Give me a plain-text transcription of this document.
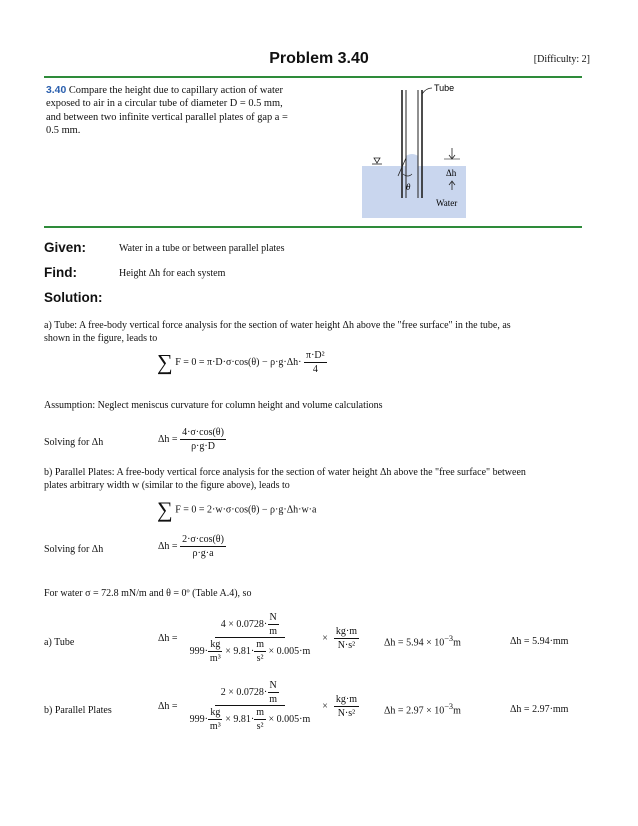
Problem 3.40	[Difficulty: 2]
3.40 Compare the height due to capillary action of water exposed to air in a circular tube of diameter D = 0.5 mm, and between two infinite vertical parallel plates of gap a = 0.5 mm.
Tube
Δh
θ
Water
Given:	Water in a tube or between parallel plates
Find:	Height Δh for each system
Solution:
a) Tube: A free-body vertical force analysis for the section of water height Δh above the "free surface" in the tube, as
shown in the figure, leads to
∑ $F = 0 = \pi\cdot D\cdot\sigma\cdot\cos(\theta) - \rho\cdot g\cdot\Delta h\cdot \frac{\text{π·D²}}{4}$
Assumption: Neglect meniscus curvature for column height and volume calculations
Solving for Δh	$\Delta h = \frac{4\cdot\sigma\cdot\cos(\theta)}{\rho\cdot g\cdot D}$
b) Parallel Plates: A free-body vertical force analysis for the section of water height Δh above the "free surface" between
plates arbitrary width w (similar to the figure above), leads to
∑ F = 0 = 2·w·σ·cos(θ) − ρ·g·Δh·w·a
Solving for Δh	$\Delta h = \frac{2\cdot\sigma\cdot\cos(\theta)}{\rho\cdot g\cdot a}$
For water σ = 72.8 mN/m and θ = 0º (Table A.4), so
a) Tube	$\Delta h = \frac{4 \times 0.0728\cdot \frac{N}{m}}{999\cdot \frac{kg}{\text{m³}} \times 9.81\cdot \frac{m}{\text{s²}} \times 0.005\cdot m} \times \frac{kg\cdot m}{\text{N·s²}}$	$\Delta h = 5.94 \times 10^{-3}m$	Δh = 5.94·mm
b) Parallel Plates	$\Delta h = \frac{2 \times 0.0728\cdot \frac{N}{m}}{999\cdot \frac{kg}{\text{m³}} \times 9.81\cdot \frac{m}{\text{s²}} \times 0.005\cdot m} \times \frac{kg\cdot m}{\text{N·s²}}$	$\Delta h = 2.97 \times 10^{-3}m$	Δh = 2.97·mm
